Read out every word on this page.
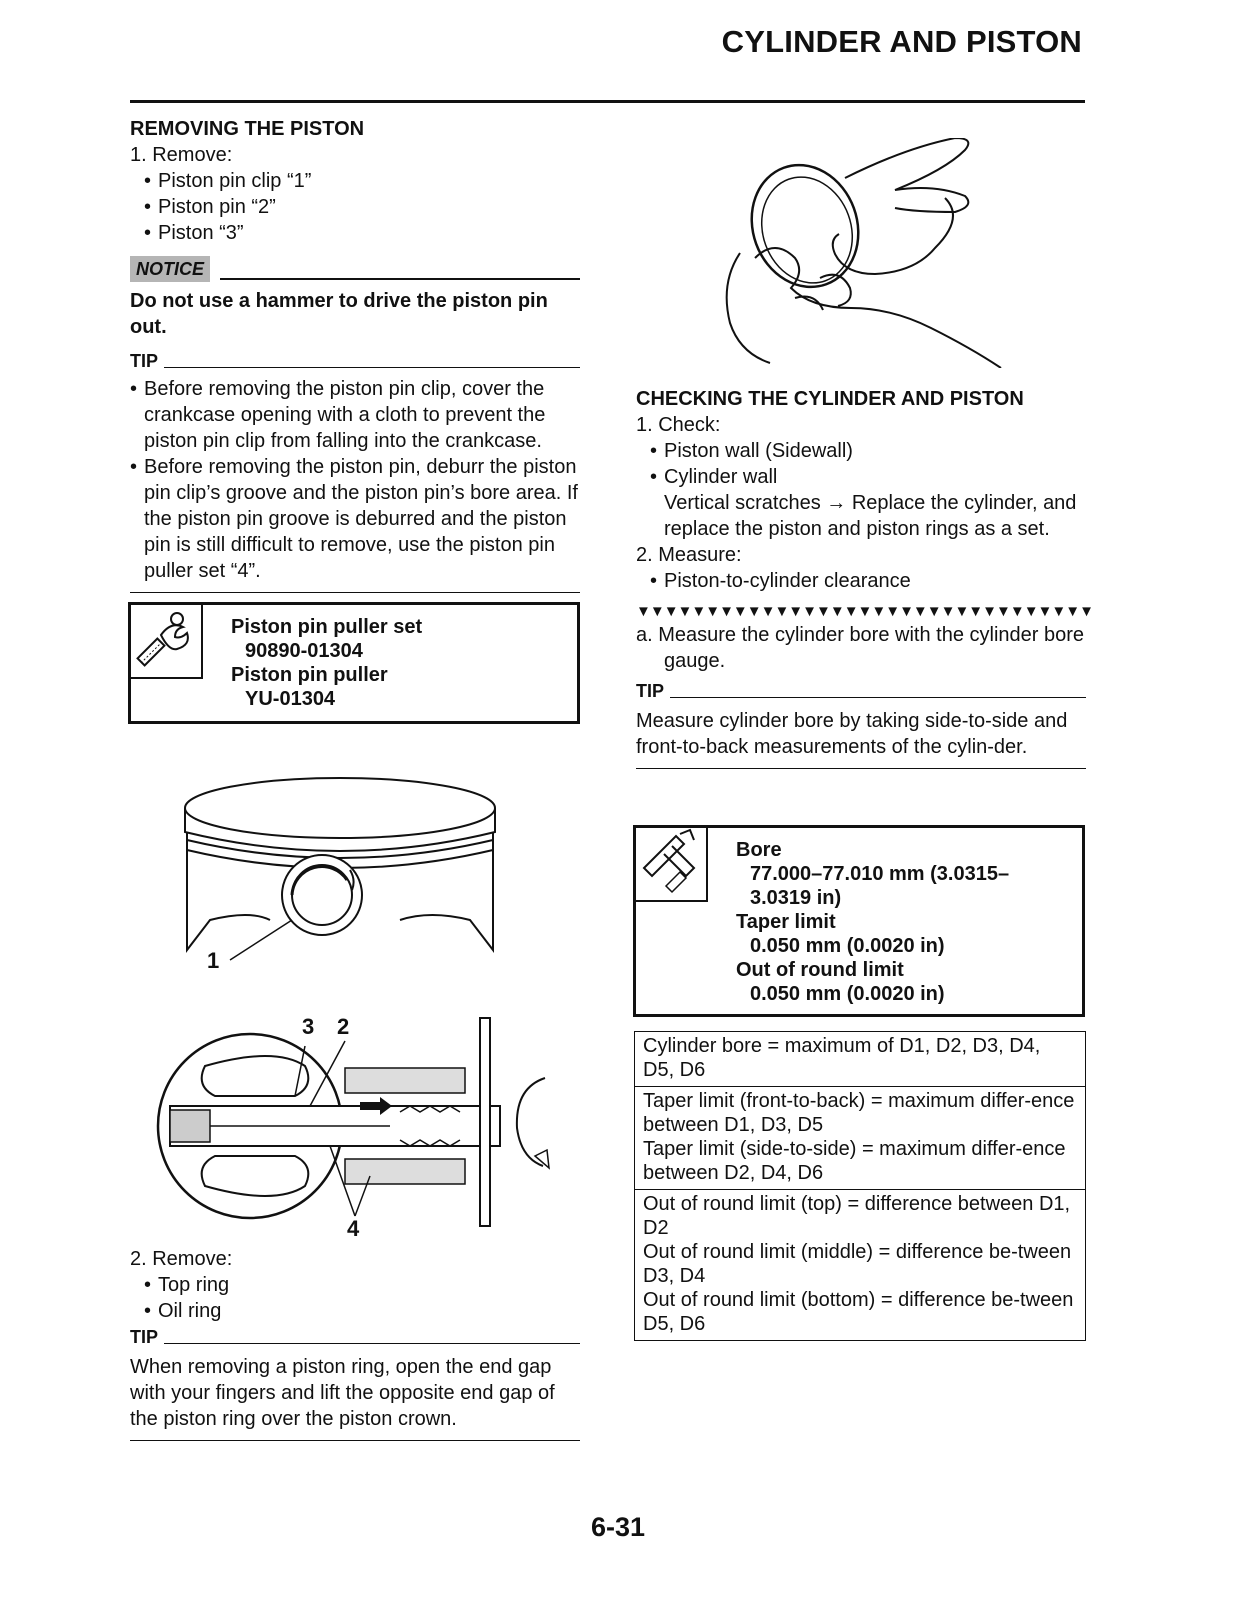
CYLINDER AND PISTON
REMOVING THE PISTON
1. Remove:
• Piston pin clip “1”
• Piston pin “2”
• Piston “3”
NOTICE
Do not use a hammer to drive the piston pin out.
TIP
• Before removing the piston pin clip, cover the crankcase opening with a cloth to prevent the piston pin clip from falling into the crankcase.
• Before removing the piston pin, deburr the piston pin clip’s groove and the piston pin’s bore area. If the piston pin groove is deburred and the piston pin is still difficult to remove, use the piston pin puller set “4”.
Piston pin puller set
90890-01304
Piston pin puller
YU-01304
1
3 2
4
2. Remove:
• Top ring
• Oil ring
TIP
When removing a piston ring, open the end gap with your fingers and lift the opposite end gap of the piston ring over the piston crown.
CHECKING THE CYLINDER AND PISTON
1. Check:
• Piston wall (Sidewall)
• Cylinder wall
Vertical scratches → Replace the cylinder, and replace the piston and piston rings as a set.
2. Measure:
• Piston-to-cylinder clearance
▼▼▼▼▼▼▼▼▼▼▼▼▼▼▼▼▼▼▼▼▼▼▼▼▼▼▼▼▼▼▼▼▼
a. Measure the cylinder bore with the cylinder bore gauge.
TIP
Measure cylinder bore by taking side-to-side and front-to-back measurements of the cylin-der.
Bore
77.000–77.010 mm (3.0315–3.0319 in)
Taper limit
0.050 mm (0.0020 in)
Out of round limit
0.050 mm (0.0020 in)
Cylinder bore = maximum of D1, D2, D3, D4, D5, D6
Taper limit (front-to-back) = maximum differ-ence between D1, D3, D5
Taper limit (side-to-side) = maximum differ-ence between D2, D4, D6
Out of round limit (top) = difference between D1, D2
Out of round limit (middle) = difference be-tween D3, D4
Out of round limit (bottom) = difference be-tween D5, D6
6-31
